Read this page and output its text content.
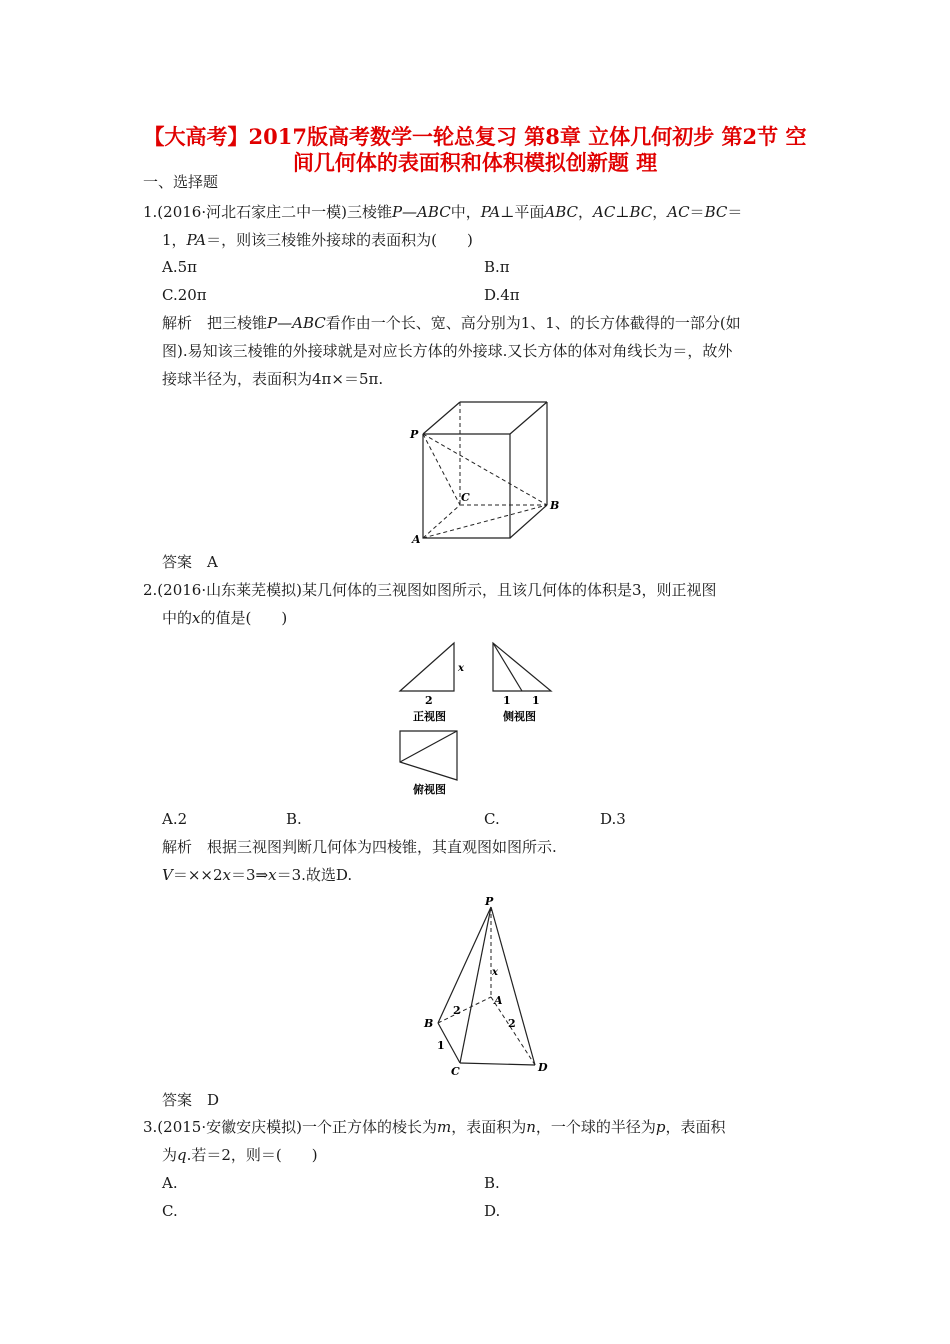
【大高考】2017版高考数学一轮总复习 第8章 立体几何初步 第2节 空间几何体的表面积和体积模拟创新题 理
一、选择题
1.(2016·河北石家庄二中一模)三棱锥P—ABC中，PA⊥平面ABC，AC⊥BC，AC＝BC＝
1，PA＝，则该三棱锥外接球的表面积为(　　)
A.5π	B.π
C.20π	D.4π
解析　把三棱锥P—ABC看作由一个长、宽、高分别为1、1、的长方体截得的一部分(如
图).易知该三棱锥的外接球就是对应长方体的外接球.又长方体的体对角线长为＝，故外
接球半径为，表面积为4π×＝5π.
P
A
B
C
答案　A
2.(2016·山东莱芜模拟)某几何体的三视图如图所示，且该几何体的体积是3，则正视图
中的x的值是(　　)
x
2	1 1
正视图	侧视图
俯视图
A.2	B.	C.	D.3
解析　根据三视图判断几何体为四棱锥，其直观图如图所示.
V＝××2x＝3⇒x＝3.故选D.
P
A
B
C	D
x
2
2
1
答案　D
3.(2015·安徽安庆模拟)一个正方体的棱长为m，表面积为n，一个球的半径为p，表面积
为q.若＝2，则＝(　　)
A.	B.
C.	D.
